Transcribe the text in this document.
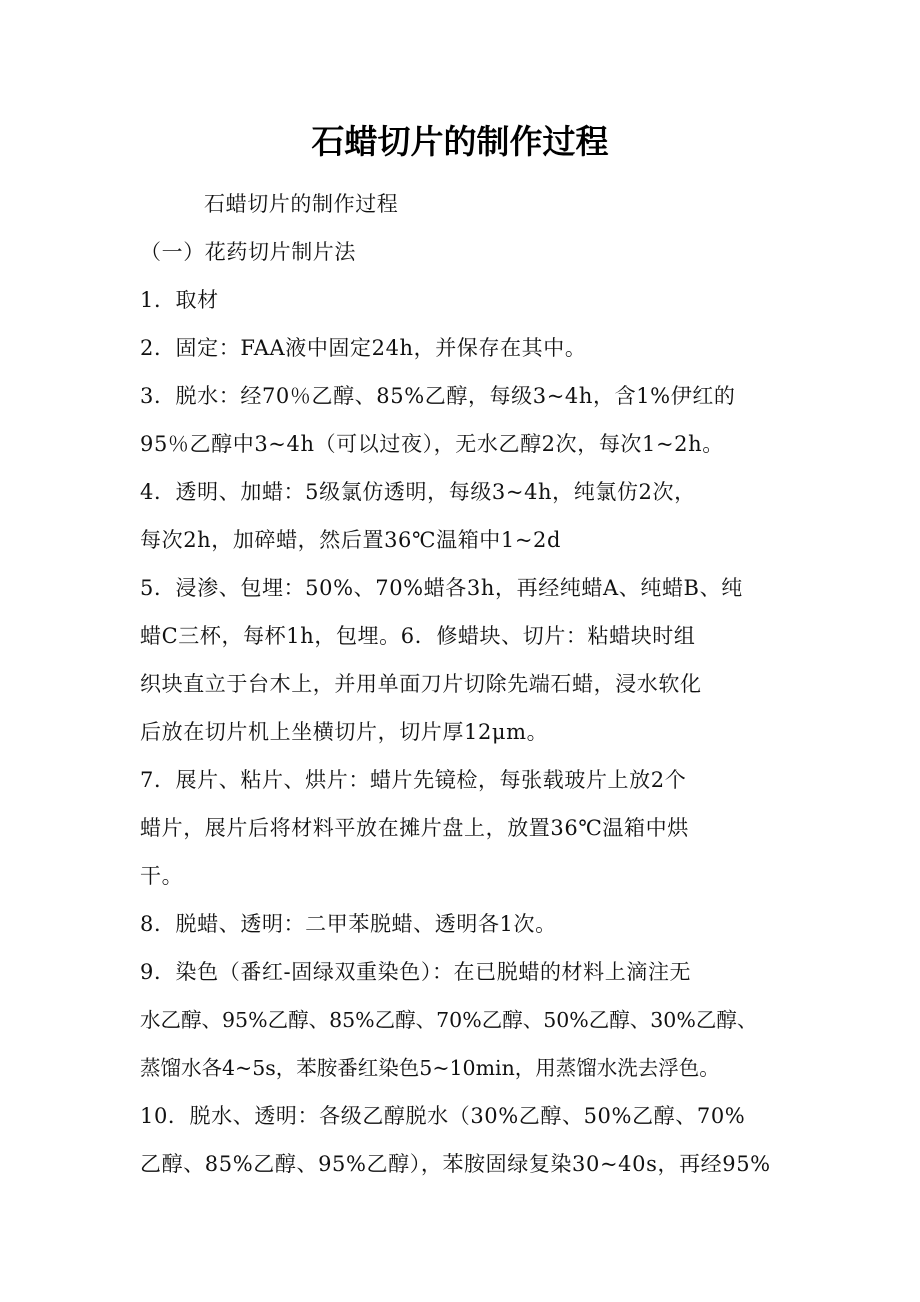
石蜡切片的制作过程
石蜡切片的制作过程
（一）花药切片制片法
1．取材
2．固定：FAA液中固定24h，并保存在其中。
3．脱水：经70％乙醇、85%乙醇，每级3~4h，含1%伊红的
95％乙醇中3~4h（可以过夜），无水乙醇2次，每次1~2h。
4．透明、加蜡：5级氯仿透明，每级3~4h，纯氯仿2次，
每次2h，加碎蜡，然后置36℃温箱中1~2d
5．浸渗、包埋：50%、70%蜡各3h，再经纯蜡A、纯蜡B、纯
蜡C三杯，每杯1h，包埋。6．修蜡块、切片：粘蜡块时组
织块直立于台木上，并用单面刀片切除先端石蜡，浸水软化
后放在切片机上坐横切片，切片厚12μm。
7．展片、粘片、烘片：蜡片先镜检，每张载玻片上放2个
蜡片，展片后将材料平放在摊片盘上，放置36℃温箱中烘
干。
8．脱蜡、透明：二甲苯脱蜡、透明各1次。
9．染色（番红-固绿双重染色）：在已脱蜡的材料上滴注无
水乙醇、95%乙醇、85%乙醇、70%乙醇、50%乙醇、30%乙醇、
蒸馏水各4~5s，苯胺番红染色5~10min，用蒸馏水洗去浮色。
10．脱水、透明：各级乙醇脱水（30%乙醇、50%乙醇、70%
乙醇、85%乙醇、95%乙醇），苯胺固绿复染30~40s，再经95%
